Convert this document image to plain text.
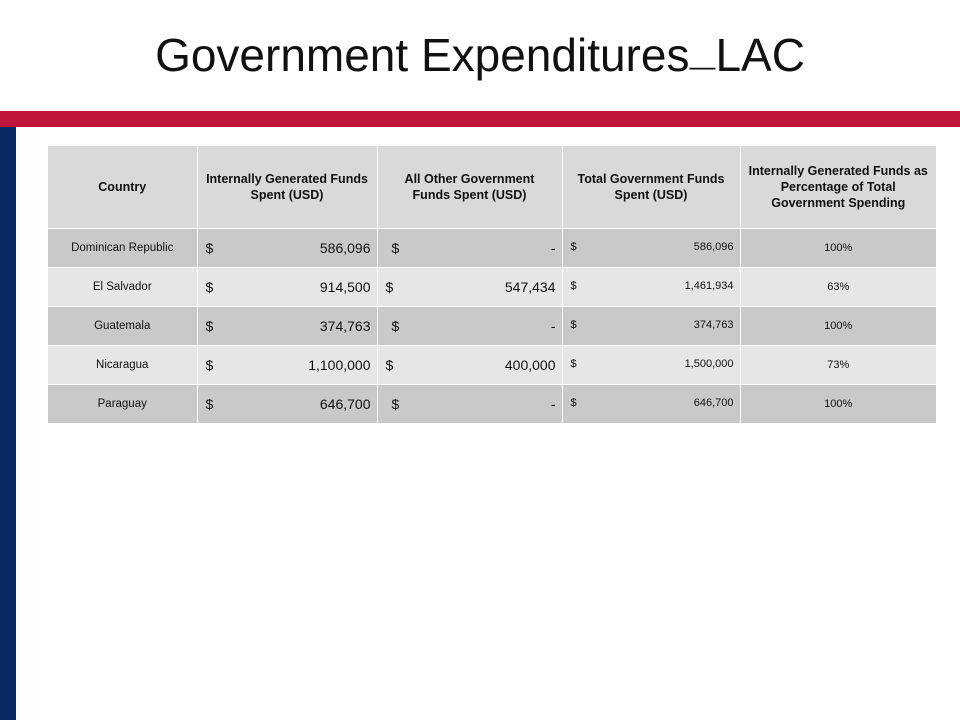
Government Expenditures—LAC
Country	Internally Generated Funds Spent (USD)	All Other Government Funds Spent (USD)	Total Government Funds Spent (USD)	Internally Generated Funds as Percentage of Total Government Spending
Dominican Republic	$ 586,096	$ -	$ 586,096	100%
El Salvador	$ 914,500	$ 547,434	$ 1,461,934	63%
Guatemala	$ 374,763	$ -	$ 374,763	100%
Nicaragua	$ 1,100,000	$ 400,000	$ 1,500,000	73%
Paraguay	$ 646,700	$ -	$ 646,700	100%
